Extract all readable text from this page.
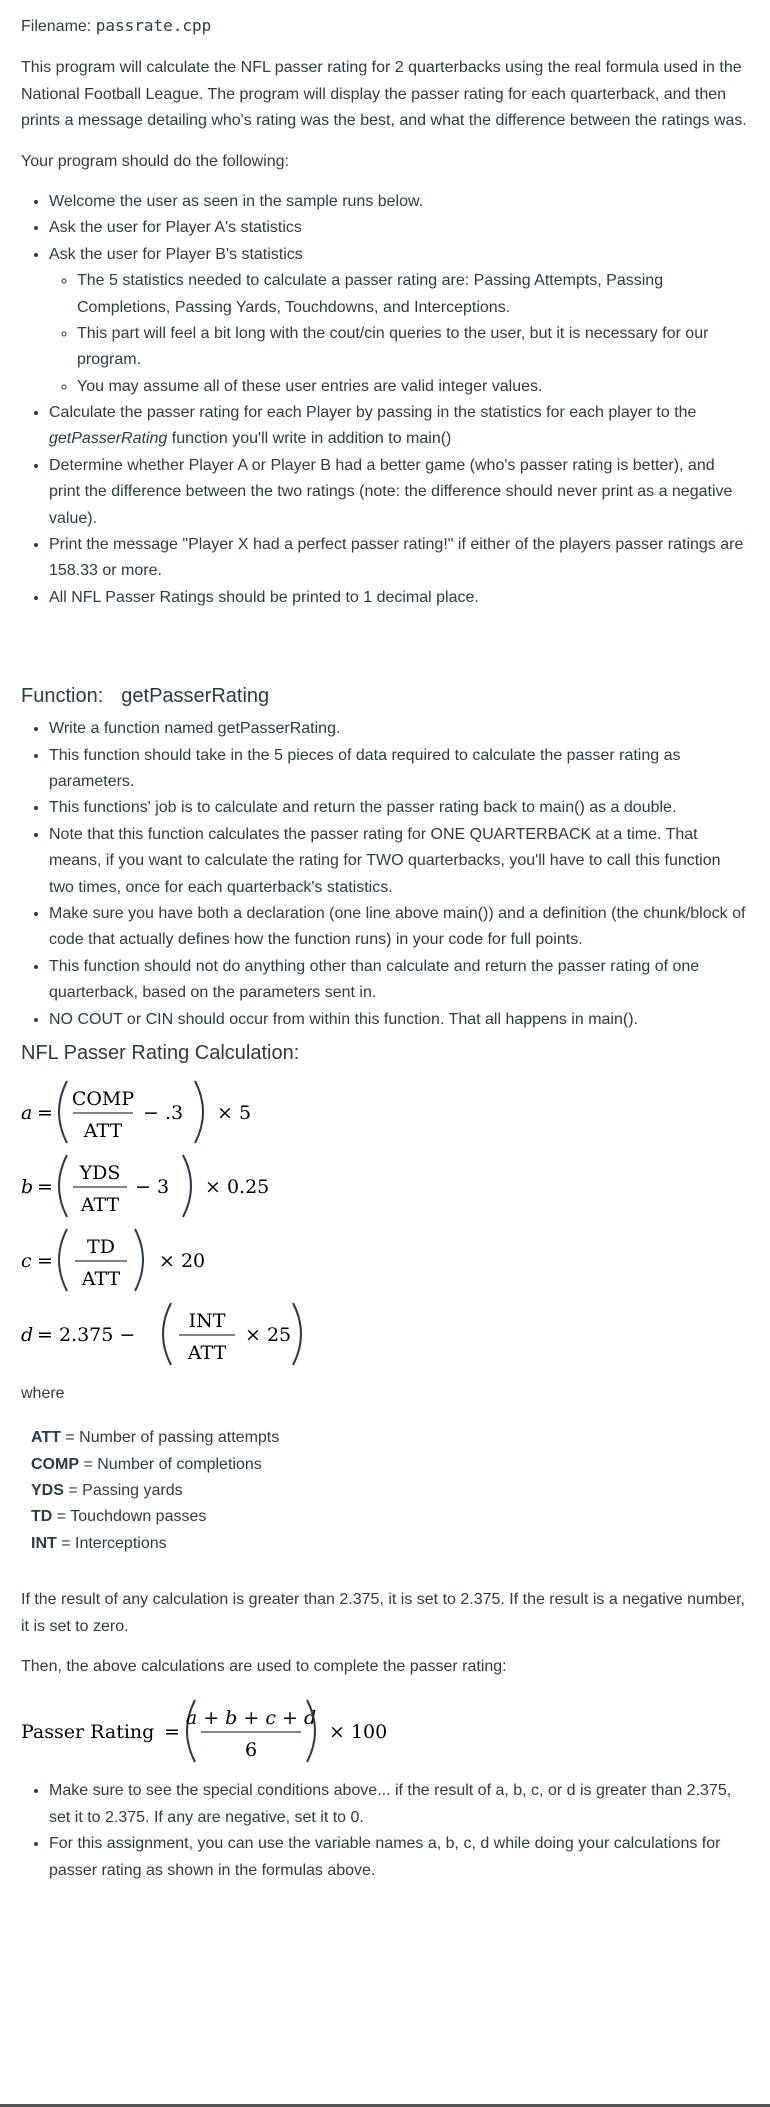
Filename: passrate.cpp

This program will calculate the NFL passer rating for 2 quarterbacks using the real formula used in the National Football League. The program will display the passer rating for each quarterback, and then prints a message detailing who's rating was the best, and what the difference between the ratings was.

Your program should do the following:

• Welcome the user as seen in the sample runs below.
• Ask the user for Player A's statistics
• Ask the user for Player B's statistics
◦ The 5 statistics needed to calculate a passer rating are: Passing Attempts, Passing Completions, Passing Yards, Touchdowns, and Interceptions.
◦ This part will feel a bit long with the cout/cin queries to the user, but it is necessary for our program.
◦ You may assume all of these user entries are valid integer values.
• Calculate the passer rating for each Player by passing in the statistics for each player to the getPasserRating function you'll write in addition to main()
• Determine whether Player A or Player B had a better game (who's passer rating is better), and print the difference between the two ratings (note: the difference should never print as a negative value).
• Print the message "Player X had a perfect passer rating!" if either of the players passer ratings are 158.33 or more.
• All NFL Passer Ratings should be printed to 1 decimal place.
Function: getPasserRating
• Write a function named getPasserRating.
• This function should take in the 5 pieces of data required to calculate the passer rating as parameters.
• This functions' job is to calculate and return the passer rating back to main() as a double.
• Note that this function calculates the passer rating for ONE QUARTERBACK at a time. That means, if you want to calculate the rating for TWO quarterbacks, you'll have to call this function two times, once for each quarterback's statistics.
• Make sure you have both a declaration (one line above main()) and a definition (the chunk/block of code that actually defines how the function runs) in your code for full points.
• This function should not do anything other than calculate and return the passer rating of one quarterback, based on the parameters sent in.
• NO COUT or CIN should occur from within this function. That all happens in main().
NFL Passer Rating Calculation:
a =
COMP
ATT
− .3 × 5
b =
YDS
ATT
− 3 × 0.25
c =
TD
ATT
× 20
d = 2.375 −
INT
ATT
× 25

where

ATT = Number of passing attempts
COMP = Number of completions
YDS = Passing yards
TD = Touchdown passes
INT = Interceptions

If the result of any calculation is greater than 2.375, it is set to 2.375. If the result is a negative number, it is set to zero.

Then, the above calculations are used to complete the passer rating:

Passer Rating =
a + b + c + d
6
× 100
• Make sure to see the special conditions above... if the result of a, b, c, or d is greater than 2.375, set it to 2.375. If any are negative, set it to 0.
• For this assignment, you can use the variable names a, b, c, d while doing your calculations for passer rating as shown in the formulas above.
